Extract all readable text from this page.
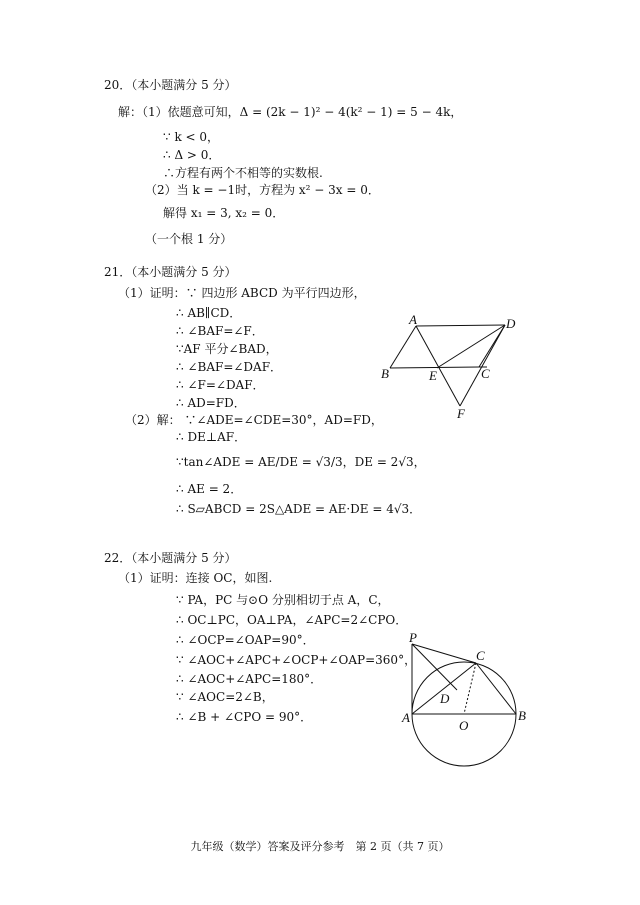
20．（本小题满分 5 分）
解：（1）依题意可知，Δ = (2k − 1)² − 4(k² − 1) = 5 − 4k，
∵ k < 0，
∴ Δ > 0．
∴方程有两个不相等的实数根.
（2）当 k = −1时，方程为 x² − 3x = 0．
解得 x₁ = 3, x₂ = 0．
（一个根 1 分）
21．（本小题满分 5 分）
（1）证明：∵ 四边形 ABCD 为平行四边形，
∴ AB∥CD．
∴ ∠BAF=∠F．
∵AF 平分∠BAD，
∴ ∠BAF=∠DAF．
∴ ∠F=∠DAF．
∴ AD=FD．
（2）解： ∵∠ADE=∠CDE=30°，AD=FD，
∴ DE⊥AF．
∵tan∠ADE = AE/DE = √3/3，DE = 2√3，
∴ AE = 2．
∴ S▱ABCD = 2S△ADE = AE·DE = 4√3．
A	D
B	E	C
F
22．（本小题满分 5 分）
（1）证明：连接 OC，如图.
∵ PA，PC 与⊙O 分别相切于点 A，C，
∴ OC⊥PC，OA⊥PA，∠APC=2∠CPO．
∴ ∠OCP=∠OAP=90°．
∵ ∠AOC+∠APC+∠OCP+∠OAP=360°，
∴ ∠AOC+∠APC=180°．
∵ ∠AOC=2∠B，
∴ ∠B + ∠CPO = 90°．
P
C
D
A
O
B
九年级（数学）答案及评分参考　第 2 页（共 7 页）
